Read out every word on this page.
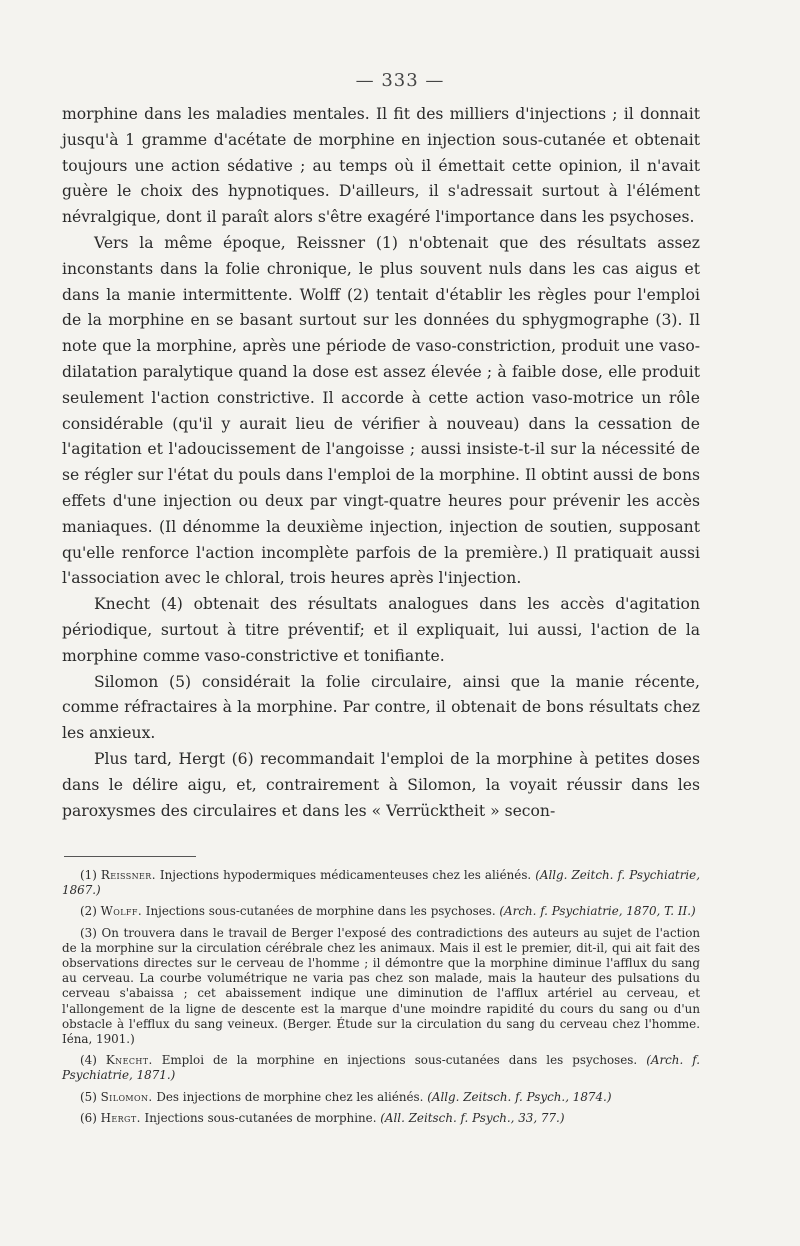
— 333 —

morphine dans les maladies mentales. Il fit des milliers d'injections ; il donnait jusqu'à 1 gramme d'acétate de morphine en injection sous-cutanée et obtenait toujours une action sédative ; au temps où il émettait cette opinion, il n'avait guère le choix des hypnotiques. D'ailleurs, il s'adressait surtout à l'élément névralgique, dont il paraît alors s'être exagéré l'importance dans les psychoses.

Vers la même époque, Reissner (1) n'obtenait que des résultats assez inconstants dans la folie chronique, le plus souvent nuls dans les cas aigus et dans la manie intermittente. Wolff (2) tentait d'établir les règles pour l'emploi de la morphine en se basant surtout sur les données du sphygmographe (3). Il note que la morphine, après une période de vaso-constriction, produit une vaso-dilatation paralytique quand la dose est assez élevée ; à faible dose, elle produit seulement l'action constrictive. Il accorde à cette action vaso-motrice un rôle considérable (qu'il y aurait lieu de vérifier à nouveau) dans la cessation de l'agitation et l'adoucissement de l'angoisse ; aussi insiste-t-il sur la nécessité de se régler sur l'état du pouls dans l'emploi de la morphine. Il obtint aussi de bons effets d'une injection ou deux par vingt-quatre heures pour prévenir les accès maniaques. (Il dénomme la deuxième injection, injection de soutien, supposant qu'elle renforce l'action incomplète parfois de la première.) Il pratiquait aussi l'association avec le chloral, trois heures après l'injection.

Knecht (4) obtenait des résultats analogues dans les accès d'agitation périodique, surtout à titre préventif; et il expliquait, lui aussi, l'action de la morphine comme vaso-constrictive et tonifiante.

Silomon (5) considérait la folie circulaire, ainsi que la manie récente, comme réfractaires à la morphine. Par contre, il obtenait de bons résultats chez les anxieux.

Plus tard, Hergt (6) recommandait l'emploi de la morphine à petites doses dans le délire aigu, et, contrairement à Silomon, la voyait réussir dans les paroxysmes des circulaires et dans les « Verrücktheit » secon-

(1) Reissner. Injections hypodermiques médicamenteuses chez les aliénés. (Allg. Zeitch. f. Psychiatrie, 1867.)

(2) Wolff. Injections sous-cutanées de morphine dans les psychoses. (Arch. f. Psychiatrie, 1870, T. II.)

(3) On trouvera dans le travail de Berger l'exposé des contradictions des auteurs au sujet de l'action de la morphine sur la circulation cérébrale chez les animaux. Mais il est le premier, dit-il, qui ait fait des observations directes sur le cerveau de l'homme ; il démontre que la morphine diminue l'afflux du sang au cerveau. La courbe volumétrique ne varia pas chez son malade, mais la hauteur des pulsations du cerveau s'abaissa ; cet abaissement indique une diminution de l'afflux artériel au cerveau, et l'allongement de la ligne de descente est la marque d'une moindre rapidité du cours du sang ou d'un obstacle à l'efflux du sang veineux. (Berger. Étude sur la circulation du sang du cerveau chez l'homme. Iéna, 1901.)

(4) Knecht. Emploi de la morphine en injections sous-cutanées dans les psychoses. (Arch. f. Psychiatrie, 1871.)

(5) Silomon. Des injections de morphine chez les aliénés. (Allg. Zeitsch. f. Psych., 1874.)

(6) Hergt. Injections sous-cutanées de morphine. (All. Zeitsch. f. Psych., 33, 77.)
